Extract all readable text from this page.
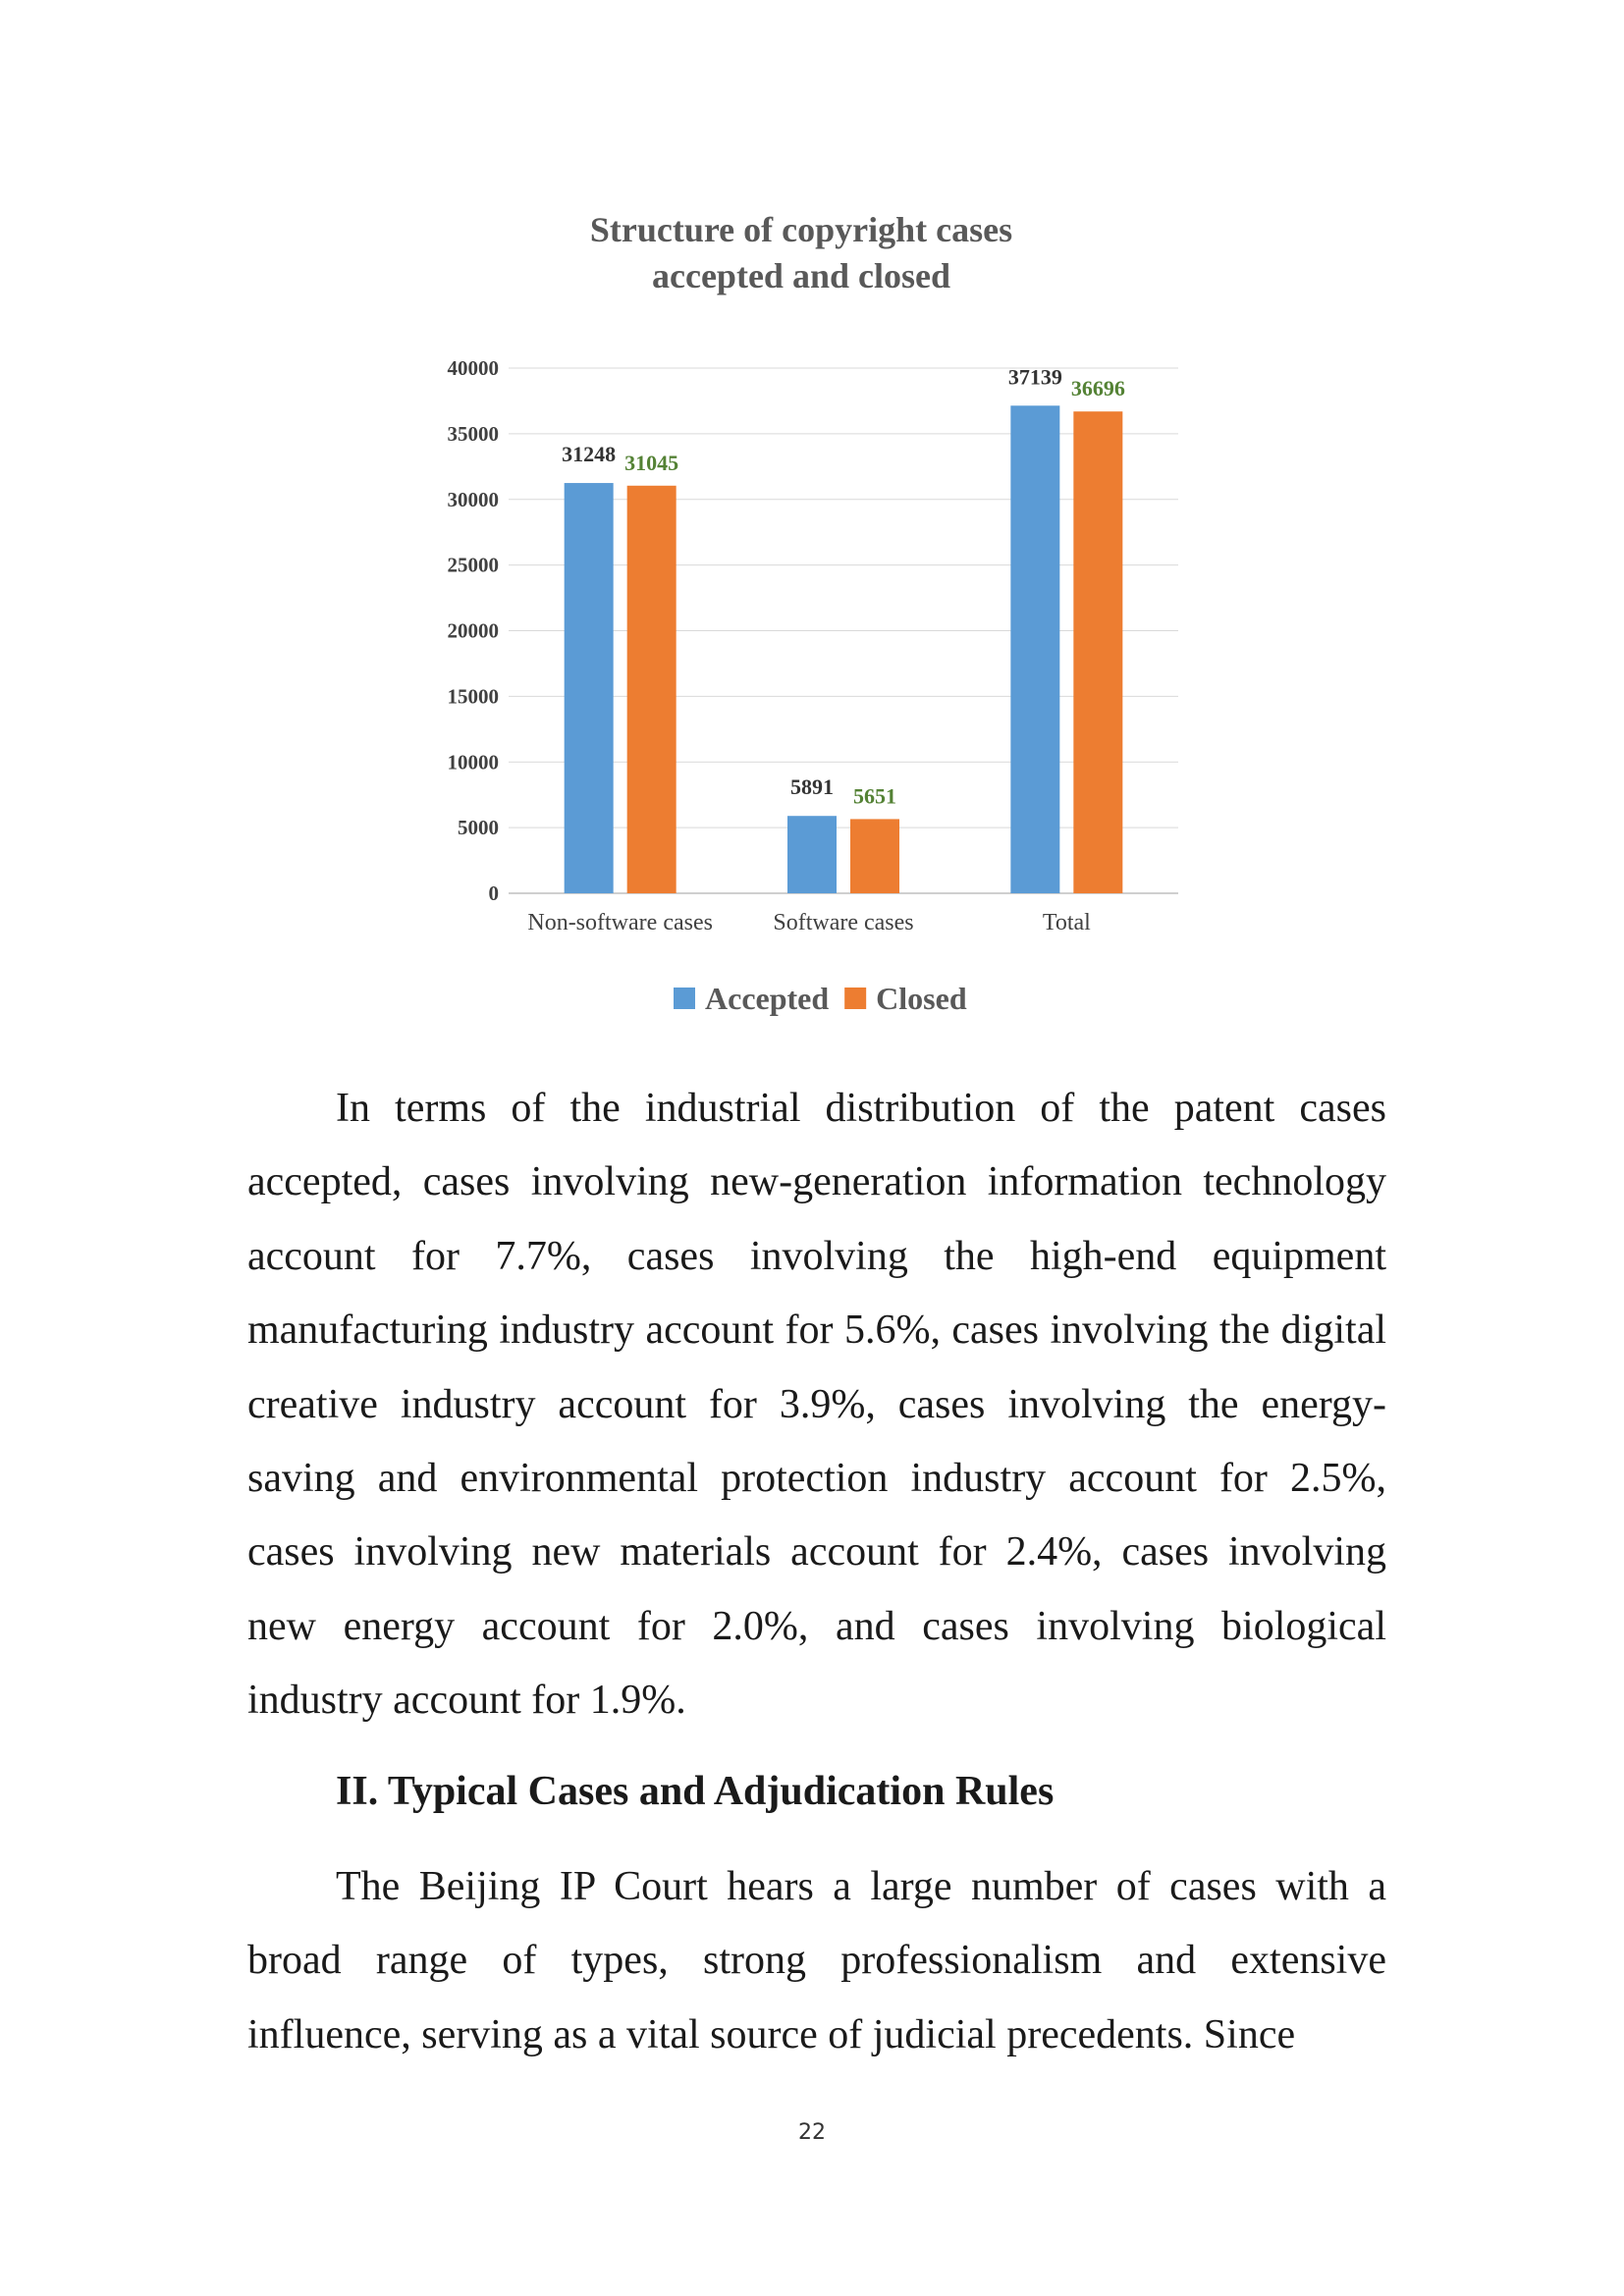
Structure of copyright cases
accepted and closed
0
5000
10000
15000
20000
25000
30000
35000
40000
31248 31045
5891 5651
37139 36696
Non-software cases	Software cases	Total
Accepted Closed

In terms of the industrial distribution of the patent cases accepted, cases involving new-generation information technology account for 7.7%, cases involving the high-end equipment manufacturing industry account for 5.6%, cases involving the digital creative industry account for 3.9%, cases involving the energy-saving and environmental protection industry account for 2.5%, cases involving new materials account for 2.4%, cases involving new energy account for 2.0%, and cases involving biological industry account for 1.9%.

II. Typical Cases and Adjudication Rules

The Beijing IP Court hears a large number of cases with a broad range of types, strong professionalism and extensive influence, serving as a vital source of judicial precedents. Since

22
